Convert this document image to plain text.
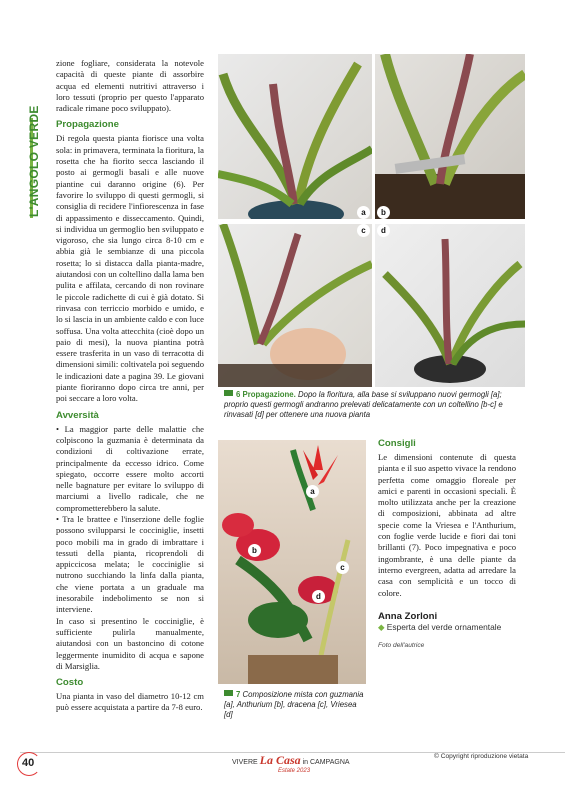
L'ANGOLO VERDE

zione fogliare, considerata la notevole capacità di queste piante di assorbire acqua ed elementi nutritivi attraverso i loro tessuti (proprio per questo l'apparato radicale rimane poco sviluppato).

Propagazione

Di regola questa pianta fiorisce una volta sola: in primavera, terminata la fioritura, la rosetta che ha fiorito secca lasciando il posto ai germogli basali e alle nuove piantine cui daranno origine (6). Per favorire lo sviluppo di questi germogli, si consiglia di recidere l'infiorescenza in fase di appassimento e disseccamento. Quindi, si individua un germoglio ben sviluppato e vigoroso, che sia lungo circa 8-10 cm e abbia già le sembianze di una piccola rosetta; lo si distacca dalla pianta-madre, aiutandosi con un coltellino dalla lama ben pulita e affilata, cercando di non rovinare le piccole radichette di cui è già dotato. Si rinvasa con terriccio morbido e umido, e lo si lascia in un ambiente caldo e con luce soffusa. Una volta attecchita (cioè dopo un paio di mesi), la nuova piantina potrà essere trasferita in un vaso di terracotta di dimensioni simili: coltivatela poi seguendo le indicazioni date a pagina 39. Le giovani piante fioriranno dopo circa tre anni, per poi seccare a loro volta.

Avversità

• La maggior parte delle malattie che colpiscono la guzmania è determinata da condizioni di coltivazione errate, principalmente da eccesso idrico. Come spiegato, occorre essere molto accorti nelle bagnature per evitare lo sviluppo di marciumi a livello radicale, che ne comprometterebbero la salute.

• Tra le brattee e l'inserzione delle foglie possono svilupparsi le cocciniglie, insetti poco mobili ma in grado di imbrattare i tessuti della pianta, ricoprendoli di appiccicosa melata; le cocciniglie si nutrono succhiando la linfa dalla pianta, che viene portata a un graduale ma inesorabile indebolimento se non si interviene.

In caso si presentino le cocciniglie, è sufficiente pulirla manualmente, aiutandosi con un bastoncino di cotone leggermente inumidito di acqua e sapone di Marsiglia.

Costo

Una pianta in vaso del diametro 10-12 cm può essere acquistata a partire da 7-8 euro.

a	b
c	d
6 Propagazione. Dopo la fioritura, alla base si sviluppano nuovi germogli [a]; proprio questi germogli andranno prelevati delicatamente con un coltellino [b-c] e rinvasati [d] per ottenere una nuova pianta
a
b
c
d
7 Composizione mista con guzmania [a], Anthurium [b], dracena [c], Vriesea [d]
Consigli

Le dimensioni contenute di questa pianta e il suo aspetto vivace la rendono perfetta come omaggio floreale per amici e parenti in occasioni speciali. È molto utilizzata anche per la creazione di composizioni, abbinata ad altre specie come la Vriesea e l'Anthurium, con foglie verde lucide e fiori dai toni brillanti (7). Poco impegnativa e poco ingombrante, è una delle piante da interno evergreen, adatta ad arredare la casa con semplicità e un tocco di colore.

Anna Zorloni
◆ Esperta del verde ornamentale
Foto dell'autrice
40	VIVERE La Casa in CAMPAGNA
Estate 2023
© Copyright riproduzione vietata
